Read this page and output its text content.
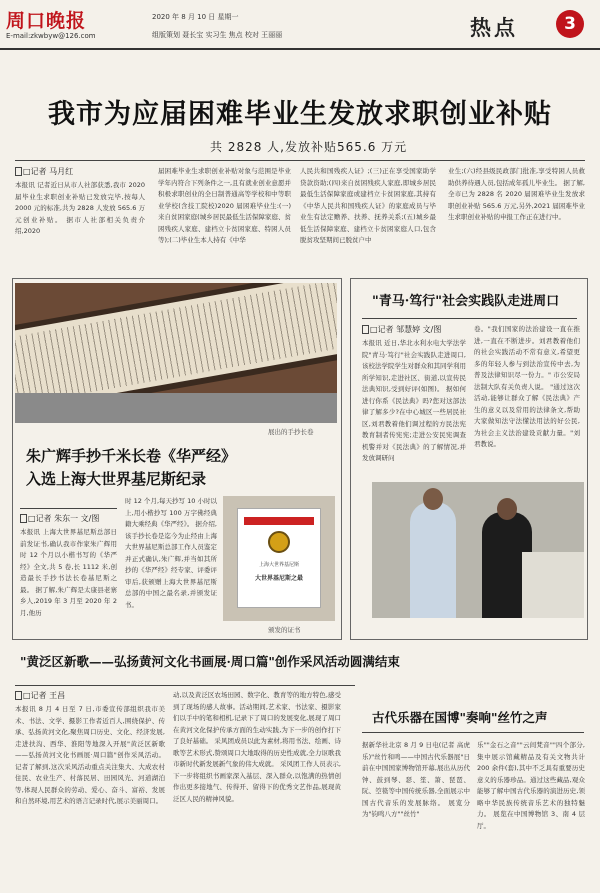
周口晚报
E-mail:zkwbyw@126.com
2020 年 8 月 10 日 星期一
组版策划 聂长宝 实习生 焦点 校对 王丽丽	热点	3
我市为应届困难毕业生发放求职创业补贴
共 2828 人,发放补贴565.6 万元
□记者 马月红
本报讯 记者近日从市人社部获悉,我市 2020 届毕业生求职创业补贴已发放完毕,按每人 2000 元的标准,共为 2828 人发放 565.6 万元创业补贴。 据市人社部相关负责介绍,2020
届困难毕业生求职创业补贴对象与范围是毕业学年内符合下列条件之一,且有就业创业意愿并积极求职创业的全日制普通高等学校和中等职业学校(含技工院校)2020 届困难毕业生:(一)来自贫困家庭(城乡居民最低生活保障家庭、贫困残疾人家庭、建档立卡贫困家庭、特困人员等);(二)毕业生本人持有《中华
人民共和国残疾人证》;(三)正在享受国家助学贷款资助;(四)来自贫困残疾人家庭,即城乡居民最低生活保障家庭或建档立卡贫困家庭,其持有《中华人民共和国残疾人证》的家庭成员与毕业生有法定赡养、扶养、抚养关系;(五)城乡最低生活保障家庭、建档立卡贫困家庭人口,包含脱贫攻坚期间已脱贫户中
业生;(六)经县级民政部门批准,享受特困人员救助供养待遇人员,包括成年孤儿毕业生。 据了解,全市已为 2828 名 2020 届困难毕业生发放求职创业补贴 565.6 万元,另外,2021 届困难毕业生求职创业补贴的申报工作正在进行中。
展出的手抄长卷
朱广辉手抄千米长卷《华严经》
入选上海大世界基尼斯纪录
□记者 朱东一 文/图
本报讯 上海大世界基尼斯总部日前发证书,确认我市作家朱广辉用时 12 个月以小楷书写的《华严经》全文,共 5 卷,长 1112 米,创造最长手抄书法长卷基尼斯之最。 据了解,朱广辉是太康县老寨乡人,2019 年 3 月至 2020 年 2 月,他历
时 12 个月,每天抄写 10 小时以上,用小楷抄写 100 万字佛经典籍大乘经典《华严经》。 据介绍,该手抄长卷是迄今为止经由上海大世界基尼斯总部工作人员鉴定并正式确认,朱广辉,并当如其所抄的《华严经》经专家、评委评审后,获颁赠上海大世界基尼斯总部的中国之最名录,并颁发证书。
上海大世界基尼斯
大世界基尼斯之最
颁发的证书
"青马·笃行"社会实践队走进周口
□记者 邹慧婷 文/图
本报讯 近日,华北水利水电大学法学院"青马·笃行"社会实践队走进周口,该校法学院学生对群众和其同学利用所学知识,走进社区、街道,以宣传民法典知识,受到好评(如图)。 据如何进行你系《民法典》吗?您对这部法律了解多少?在中心城区一些居民社区,刘君教着他们调过程的方民法宪教育制者传宪宪;走进公安民宪调查机警并对《民法典》的了解情况,并发放调研问
卷。"我们国家的法治建设一直在推进,一直在不断进步。刘君教着他们的社会实践活动不常有意义,希望更多的年轻人参与到法治宣传中去,为普及法律知识尽一份力。" 市公安局法制大队有关负责人说。 "通过这次活动,能够让群众了解《民法典》产生的意义以及常用的法律条文,帮助大家做知法守法懂法用法的好公民,为社会主义法治建设贡献力量。"刘君教说。
"黄泛区新歌——弘扬黄河文化书画展·周口篇"创作采风活动圆满结束
□记者 王昌
本报讯 8 月 4 日至 7 日,市委宣传部组织我市美术、书法、文学、摄影工作者近百人,围绕保护、传承、弘扬黄河文化,聚焦周口历史、文化、经济发展,走进扶沟、西华、淮阳等地深入开展"黄泛区新歌——弘扬黄河文化书画展·周口篇"创作采风活动。 记者了解到,这次采风活动重点关注集大、大成农村住民、农业生产、村落民居、田园风光、河道湖泊等,体现人民群众的劳动、爱心、奋斗、富裕、发展和自然环境,用艺术的语言记录时代,展示美丽周口。
动,以及黄泛区农场田园、数字化、教育等的地方特色,感受到了现场的感人故事。活动期间,艺术家、书法家、摄影家们以手中的笔和相机,记录下了周口的发展变化,展现了周口在黄河文化保护传承方面的生动实践,为下一步的创作打下了良好基础。 采风团成员以此为素材,将用书法、绘画、诗歌等艺术形式,赞颂周口大地取得的历史性成就,全力讴歌我市新时代新发展新气象的伟大成就。 采风团工作人员表示,下一步将组织书画家深入基层、深入群众,以饱满的热情创作出更多接地气、传得开、留得下的优秀文艺作品,展现黄泛区人民的精神风貌。
古代乐器在国博"奏响"丝竹之声
据新华社北京 8 月 9 日电(记者 高虎乐)"丝竹和鸣——中国古代乐器展"日前在中国国家博物馆开幕,展出从历代钟、鼓到琴、瑟、笙、箫、琵琶、阮、箜篌等中国传统乐器,全面展示中国古代音乐的发展脉络。 展览分为"钧鸣八方""丝竹"
乐""金石之音""云间梵音""四个部分,集中展示馆藏精品及有关文物共计 200 余件(套),其中不乏具有重要历史意义的乐器珍品。通过这些藏品,观众能够了解中国古代乐器的演进历史,领略中华民族传统音乐艺术的独特魅力。 展览在中国博物馆 3、南 4 层厅。
